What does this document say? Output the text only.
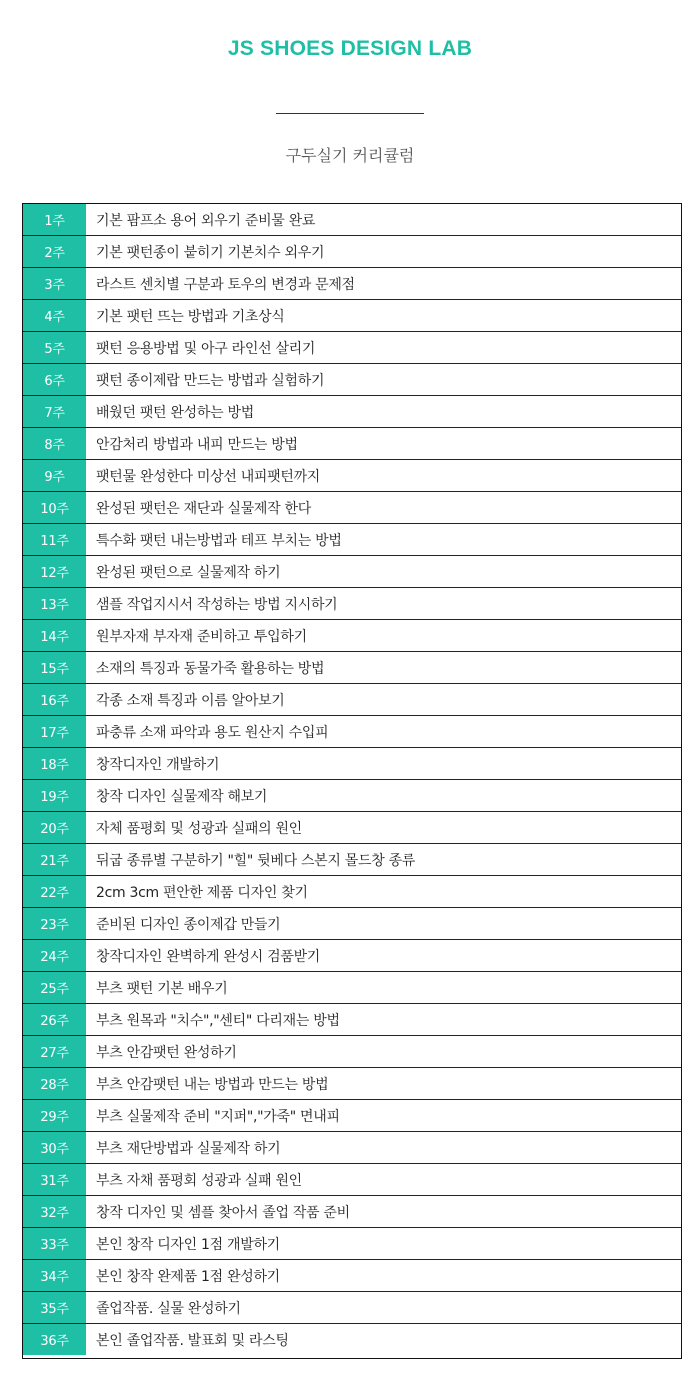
JS SHOES DESIGN LAB
구두실기 커리큘럼
1주	기본 팜프소 용어 외우기 준비물 완료
2주	기본 팻턴종이 붙히기 기본치수 외우기
3주	라스트 센치별 구분과 토우의 변경과 문제점
4주	기본 팻턴 뜨는 방법과 기초상식
5주	팻턴 응용방법 및 아구 라인선 살리기
6주	팻턴 종이제랍 만드는 방법과 실험하기
7주	배웠던 팻턴 완성하는 방법
8주	안감처리 방법과 내피 만드는 방법
9주	팻턴물 완성한다 미상선 내피팻턴까지
10주	완성된 팻턴은 재단과 실물제작 한다
11주	특수화 팻턴 내는방법과 테프 부치는 방법
12주	완성된 팻턴으로 실물제작 하기
13주	샘플 작업지시서 작성하는 방법 지시하기
14주	원부자재 부자재 준비하고 투입하기
15주	소재의 특징과 동물가죽 활용하는 방법
16주	각종 소재 특징과 이름 알아보기
17주	파충류 소재 파악과 용도 원산지 수입피
18주	창작디자인 개발하기
19주	창작 디자인 실물제작 해보기
20주	자체 품평회 및 성광과 실패의 원인
21주	뒤굽 종류별 구분하기 "힐" 뒷베다 스본지 몰드창 종류
22주	2cm 3cm 편안한 제품 디자인 찾기
23주	준비된 디자인 종이제갑 만들기
24주	창작디자인 완벽하게 완성시 검품받기
25주	부츠 팻턴 기본 배우기
26주	부츠 원목과 "치수","센티" 다리재는 방법
27주	부츠 안감팻턴 완성하기
28주	부츠 안감팻턴 내는 방법과 만드는 방법
29주	부츠 실물제작 준비 "지퍼","가죽" 면내피
30주	부츠 재단방법과 실물제작 하기
31주	부츠 자채 품평회 성광과 실패 원인
32주	창작 디자인 및 셈플 찾아서 졸업 작품 준비
33주	본인 창작 디자인 1점 개발하기
34주	본인 창작 완제품 1점 완성하기
35주	졸업작품. 실물 완성하기
36주	본인 졸업작품. 발표회 및 라스팅
